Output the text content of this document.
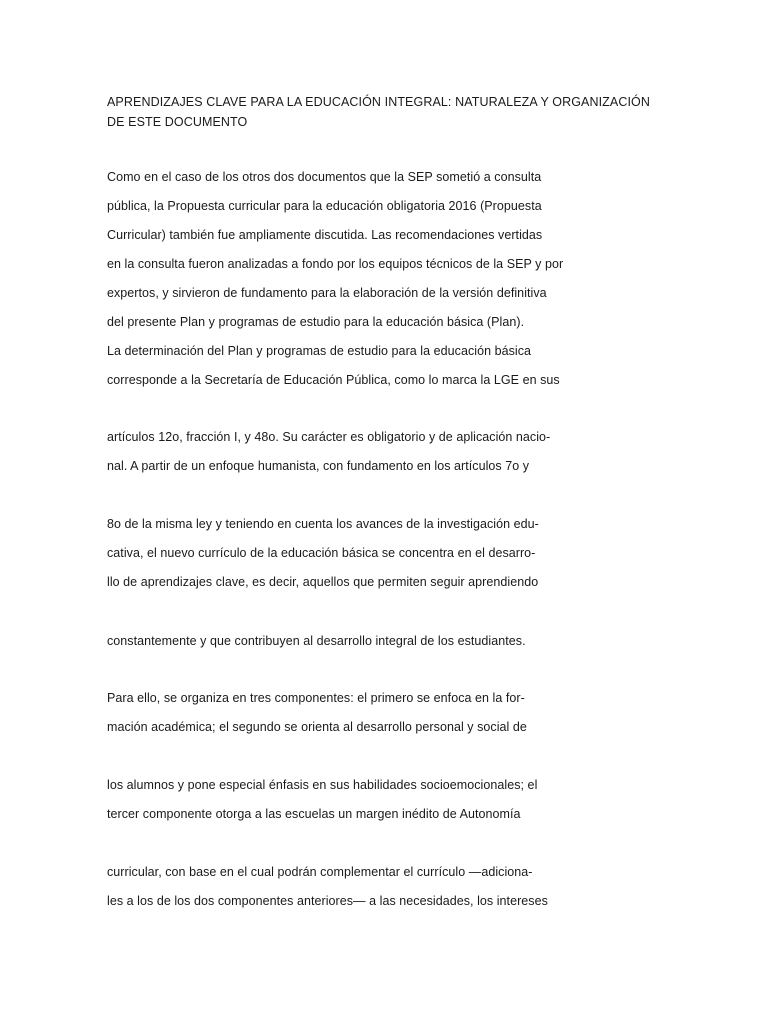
APRENDIZAJES CLAVE PARA LA EDUCACIÓN INTEGRAL: NATURALEZA Y ORGANIZACIÓN DE ESTE DOCUMENTO
Como en el caso de los otros dos documentos que la SEP sometió a consulta
pública, la Propuesta curricular para la educación obligatoria 2016 (Propuesta
Curricular) también fue ampliamente discutida. Las recomendaciones vertidas
en la consulta fueron analizadas a fondo por los equipos técnicos de la SEP y por
expertos, y sirvieron de fundamento para la elaboración de la versión definitiva
del presente Plan y programas de estudio para la educación básica (Plan).
La determinación del Plan y programas de estudio para la educación básica
corresponde a la Secretaría de Educación Pública, como lo marca la LGE en sus
artículos 12o, fracción I, y 48o. Su carácter es obligatorio y de aplicación nacio-
nal. A partir de un enfoque humanista, con fundamento en los artículos 7o y
8o de la misma ley y teniendo en cuenta los avances de la investigación edu-
cativa, el nuevo currículo de la educación básica se concentra en el desarro-
llo de aprendizajes clave, es decir, aquellos que permiten seguir aprendiendo
constantemente y que contribuyen al desarrollo integral de los estudiantes.
Para ello, se organiza en tres componentes: el primero se enfoca en la for-
mación académica; el segundo se orienta al desarrollo personal y social de
los alumnos y pone especial énfasis en sus habilidades socioemocionales; el
tercer componente otorga a las escuelas un margen inédito de Autonomía
curricular, con base en el cual podrán complementar el currículo —adiciona-
les a los de los dos componentes anteriores— a las necesidades, los intereses
